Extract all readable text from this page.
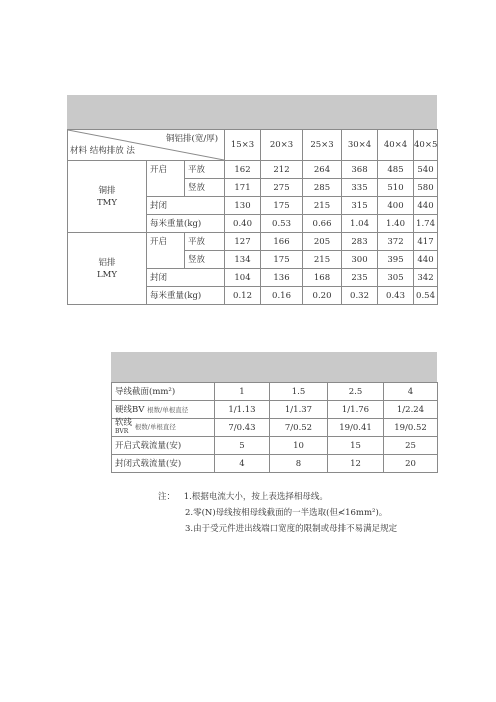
铜铝排(宽/厚)
材料 结构排放 法			15×3	20×3	25×3	30×4	40×4	40×5
铜排
TMY	开启	平放	162	212	264	368	485	540
		竖放	171	275	285	335	510	580
	封闭		130	175	215	315	400	440
	每米重量(kg)		0.40	0.53	0.66	1.04	1.40	1.74
铝排
LMY	开启	平放	127	166	205	283	372	417
		竖放	134	175	215	300	395	440
	封闭		104	136	168	235	305	342
	每米重量(kg)		0.12	0.16	0.20	0.32	0.43	0.54
导线截面(mm²)	1	1.5	2.5	4
硬线BV 根数/单根直径	1/1.13	1/1.37	1/1.76	1/2.24
软线
BVR 根数/单根直径	7/0.43	7/0.52	19/0.41	19/0.52
开启式载流量(安)	5	10	15	25
封闭式载流量(安)	4	8	12	20
注： 1.根据电流大小，按上表选择相母线。
2.零(N)母线按相母线截面的一半选取(但≮16mm²)。
3.由于受元件进出线端口宽度的限制或母排不易满足规定
